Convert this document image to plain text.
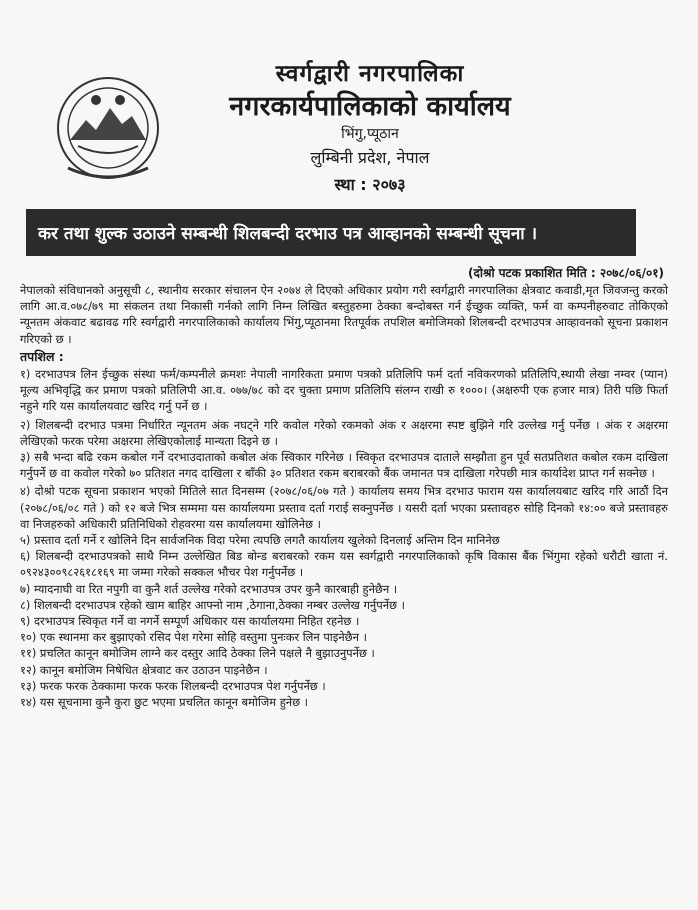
स्वर्गद्वारी नगरपालिका

नगरकार्यपालिकाको कार्यालय

भिंगु,प्यूठान

लुम्बिनी प्रदेश, नेपाल

स्था : २०७३

कर तथा शुल्क उठाउने सम्बन्धी शिलबन्दी दरभाउ पत्र आव्हानको सम्बन्धी सूचना ।
(दोश्रो पटक प्रकाशित मिति : २०७८/०६/०१)

नेपालको संविधानको अनुसूची ८, स्थानीय सरकार संचालन ऐन २०७४ ले दिएको अधिकार प्रयोग गरी स्वर्गद्वारी नगरपालिका क्षेत्रवाट कवाडी,मृत जिवजन्तु करको लागि आ.व.०७८/७९ मा संकलन तथा निकासी गर्नको लागि निम्न लिखित बस्तुहरुमा ठेक्का बन्दोबस्त गर्न ईच्छुक व्यक्ति, फर्म वा कम्पनीहरुवाट तोकिएको न्यूनतम अंकवाट बढावढ गरि स्वर्गद्वारी नगरपालिकाको कार्यालय भिंगु,प्यूठानमा रितपूर्वक तपशिल बमोजिमको शिलबन्दी दरभाउपत्र आव्हावनको सूचना प्रकाशन गरिएको छ ।

तपशिल :

१) दरभाउपत्र लिन ईच्छुक संस्था फर्म/कम्पनीले क्रमशः नेपाली नागरिकता प्रमाण पत्रको प्रतिलिपि फर्म दर्ता नविकरणको प्रतिलिपि,स्थायी लेखा नम्वर (प्यान) मूल्य अभिवृद्धि कर प्रमाण पत्रको प्रतिलिपी आ.व. ०७७/७८ को दर चुक्ता प्रमाण प्रतिलिपि संलग्न राखी रु १०००। (अक्षरुपी एक हजार मात्र) तिरी पछि फिर्ता नहुने गरि यस कार्यालयवाट खरिद गर्नु पर्ने छ ।

२) शिलबन्दी दरभाउ पत्रमा निर्धारित न्यूनतम अंक नघट्ने गरि कवोल गरेको रकमको अंक र अक्षरमा स्पष्ट बुझिने गरि उल्लेख गर्नु पर्नेछ । अंक र अक्षरमा लेखिएको फरक परेमा अक्षरमा लेखिएकोलाई मान्यता दिइने छ ।

३) सबै भन्दा बढि रकम कबोल गर्ने दरभाउदाताको कबोल अंक स्विकार गरिनेछ । स्विकृत दरभाउपत्र दाताले सम्झौता हुन पूर्व सतप्रतिशत कबोल रकम दाखिला गर्नुपर्ने छ वा कवोल गरेको ७० प्रतिशत नगद दाखिला र बाँकी ३० प्रतिशत रकम बराबरको बैंक जमानत पत्र दाखिला गरेपछी मात्र कार्यादेश प्राप्त गर्न सक्नेछ ।

४) दोश्रो पटक सूचना प्रकाशन भएको मितिले सात दिनसम्म (२०७८/०६/०७ गते ) कार्यालय समय भित्र दरभाउ फाराम यस कार्यालयबाट खरिद गरि आठौं दिन (२०७८/०६/०८ गते ) को १२ बजे भित्र सम्ममा यस कार्यालयमा प्रस्ताव दर्ता गराई सक्नुपर्नेछ । यसरी दर्ता भएका प्रस्तावहरु सोहि दिनको १४:०० बजे प्रस्तावहरु वा निजहरुको अधिकारी प्रतिनिधिको रोहवरमा यस कार्यालयमा खोलिनेछ ।

५) प्रस्ताव दर्ता गर्ने र खोलिने दिन सार्वजनिक विदा परेमा त्यपछि लगतै कार्यालय खुलेको दिनलाई अन्तिम दिन मानिनेछ

६) शिलबन्दी दरभाउपत्रको साथै निम्न उल्लेखित बिड बोन्ड बराबरको रकम यस स्वर्गद्वारी नगरपालिकाको कृषि विकास बैंक भिंगुमा रहेको धरौटी खाता नं. ०९२४३००९८२६१८१६९ मा जम्मा गरेको सक्कल भौचर पेश गर्नुपर्नेछ ।

७) म्यादनाघी वा रित नपुगी वा कुनै शर्त उल्लेख गरेको दरभाउपत्र उपर कुनै कारबाही हुनेछैन ।

८) शिलबन्दी दरभाउपत्र रहेको खाम बाहिर आफ्नो नाम ,ठेगाना,ठेक्का नम्बर उल्लेख गर्नुपर्नेछ ।

९) दरभाउपत्र स्विकृत गर्ने वा नगर्ने सम्पूर्ण अधिकार यस कार्यालयमा निहित रहनेछ ।

१०) एक स्थानमा कर बुझाएको रसिद पेश गरेमा सोहि वस्तुमा पुनःकर लिन पाइनेछैन ।

११) प्रचलित कानून बमोजिम लाग्ने कर दस्तुर आदि ठेक्का लिने पक्षले नै बुझाउनुपर्नेछ ।

१२) कानून बमोजिम निषेधित क्षेत्रवाट कर उठाउन पाइनेछैन ।

१३) फरक फरक ठेक्कामा फरक फरक शिलबन्दी दरभाउपत्र पेश गर्नुपर्नेछ ।

१४) यस सूचनामा कुनै कुरा छुट भएमा प्रचलित कानून बमोजिम हुनेछ ।
